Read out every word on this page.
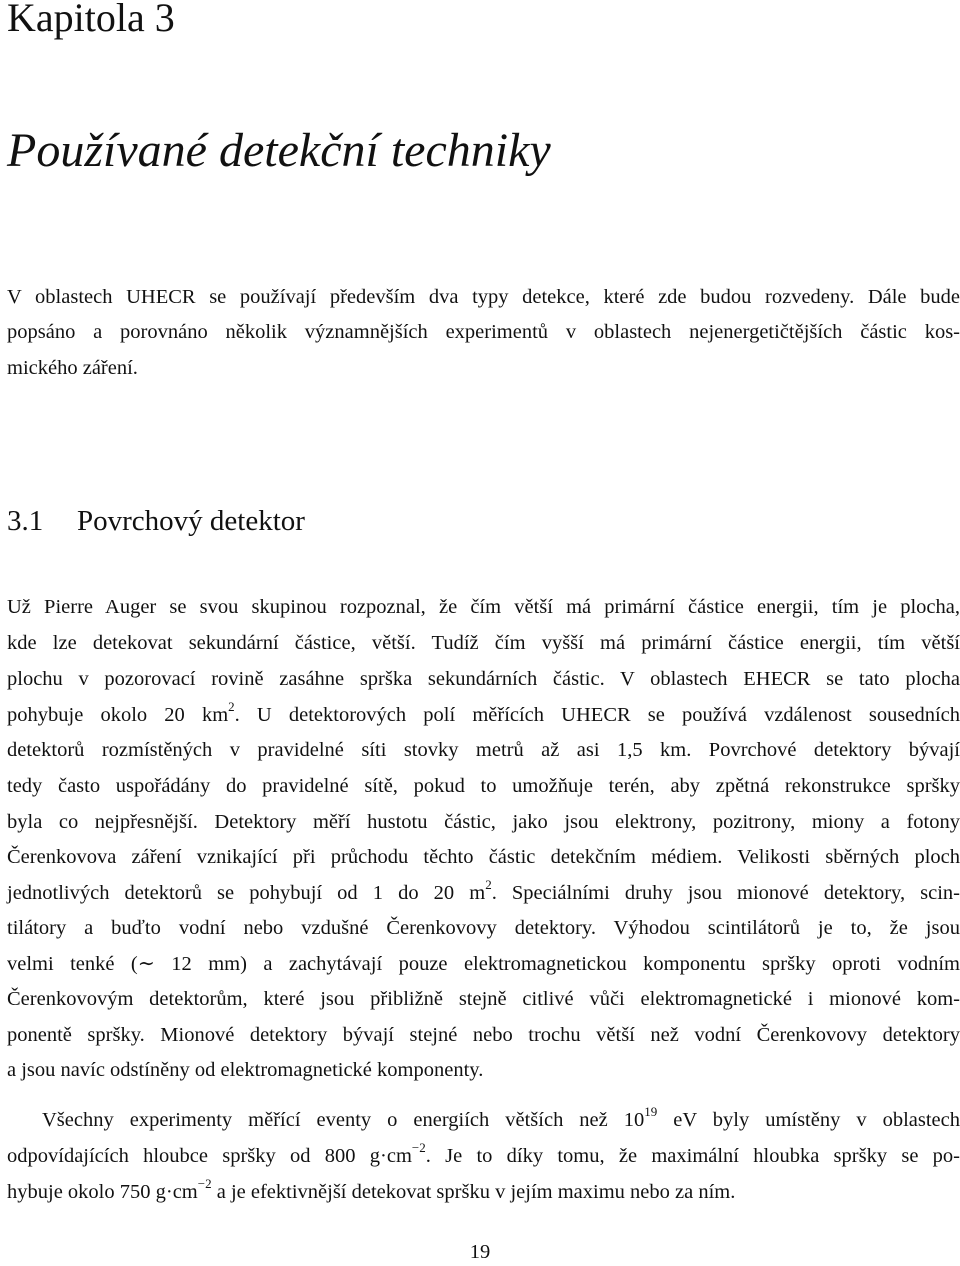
Kapitola 3
Používané detekční techniky
V oblastech UHECR se používají především dva typy detekce, které zde budou rozvedeny. Dále bude
popsáno a porovnáno několik významnějších experimentů v oblastech nejenergetičtějších částic kos-
mického záření.
3.1 Povrchový detektor
Už Pierre Auger se svou skupinou rozpoznal, že čím větší má primární částice energii, tím je plocha,
kde lze detekovat sekundární částice, větší. Tudíž čím vyšší má primární částice energii, tím větší
plochu v pozorovací rovině zasáhne sprška sekundárních částic. V oblastech EHECR se tato plocha
pohybuje okolo 20 $km^2$. U detektorových polí měřících UHECR se používá vzdálenost sousedních
detektorů rozmístěných v pravidelné síti stovky metrů až asi 1,5 km. Povrchové detektory bývají
tedy často uspořádány do pravidelné sítě, pokud to umožňuje terén, aby zpětná rekonstrukce spršky
byla co nejpřesnější. Detektory měří hustotu částic, jako jsou elektrony, pozitrony, miony a fotony
Čerenkovova záření vznikající při průchodu těchto částic detekčním médiem. Velikosti sběrných ploch
jednotlivých detektorů se pohybují od 1 do 20 $m^2$. Speciálními druhy jsou mionové detektory, scin-
tilátory a buďto vodní nebo vzdušné Čerenkovovy detektory. Výhodou scintilátorů je to, že jsou
velmi tenké (∼ 12 mm) a zachytávají pouze elektromagnetickou komponentu spršky oproti vodním
Čerenkovovým detektorům, které jsou přibližně stejně citlivé vůči elektromagnetické i mionové kom-
ponentě spršky. Mionové detektory bývají stejné nebo trochu větší než vodní Čerenkovovy detektory
a jsou navíc odstíněny od elektromagnetické komponenty.
Všechny experimenty měřící eventy o energiích větších než $10^{19}$ eV byly umístěny v oblastech
odpovídajících hloubce spršky od 800 $g\cdot cm^{-2}$. Je to díky tomu, že maximální hloubka spršky se po-
hybuje okolo 750 $g\cdot cm^{-2}$ a je efektivnější detekovat spršku v jejím maximu nebo za ním.
19
